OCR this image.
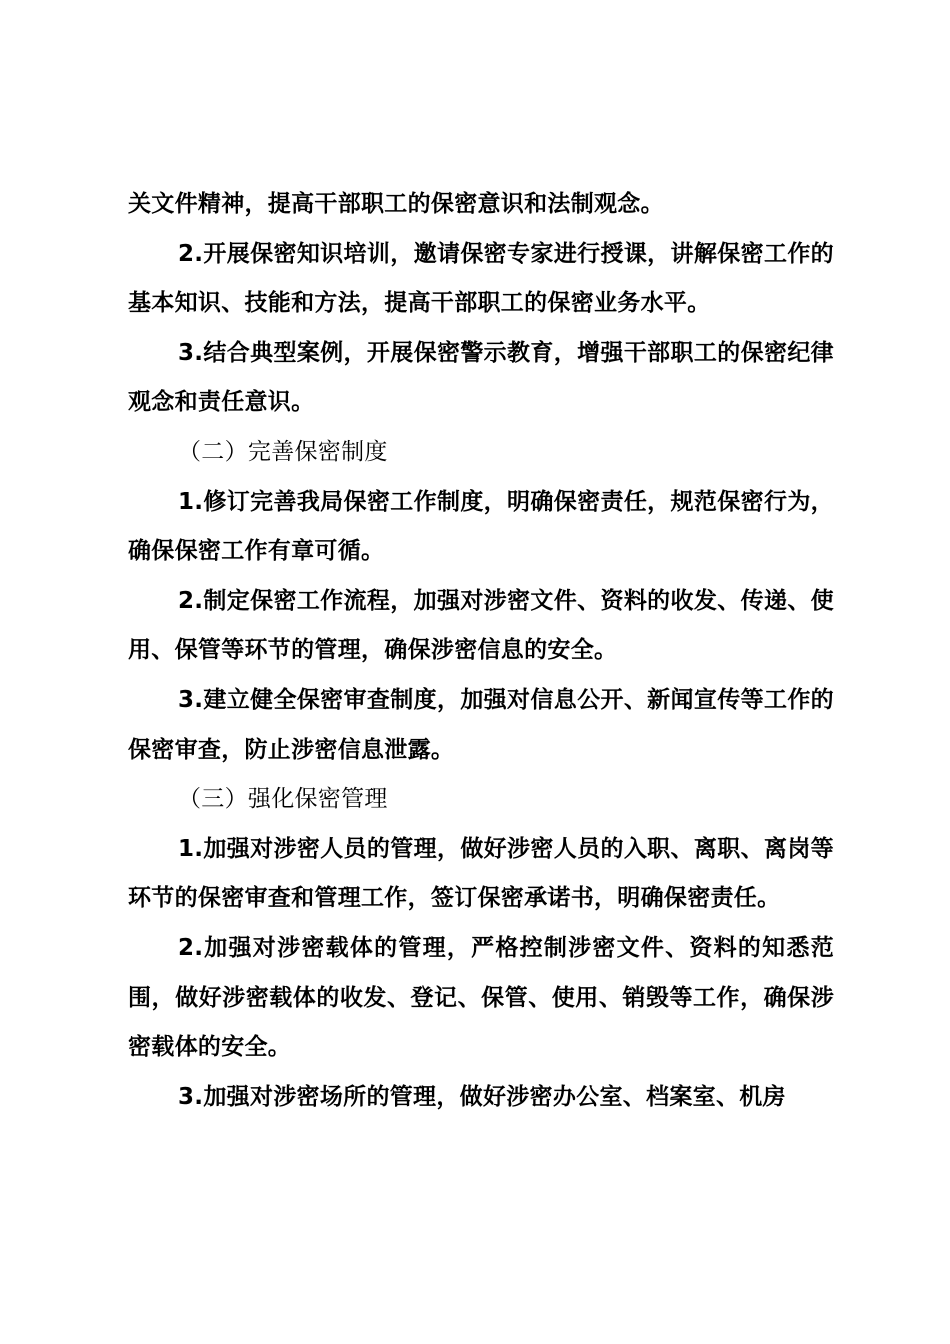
关文件精神，提高干部职工的保密意识和法制观念。

2.开展保密知识培训，邀请保密专家进行授课，讲解保密工作的基本知识、技能和方法，提高干部职工的保密业务水平。

3.结合典型案例，开展保密警示教育，增强干部职工的保密纪律观念和责任意识。

（二）完善保密制度

1.修订完善我局保密工作制度，明确保密责任，规范保密行为，确保保密工作有章可循。

2.制定保密工作流程，加强对涉密文件、资料的收发、传递、使用、保管等环节的管理，确保涉密信息的安全。

3.建立健全保密审查制度，加强对信息公开、新闻宣传等工作的保密审查，防止涉密信息泄露。

（三）强化保密管理

1.加强对涉密人员的管理，做好涉密人员的入职、离职、离岗等环节的保密审查和管理工作，签订保密承诺书，明确保密责任。

2.加强对涉密载体的管理，严格控制涉密文件、资料的知悉范围，做好涉密载体的收发、登记、保管、使用、销毁等工作，确保涉密载体的安全。

3.加强对涉密场所的管理，做好涉密办公室、档案室、机房
